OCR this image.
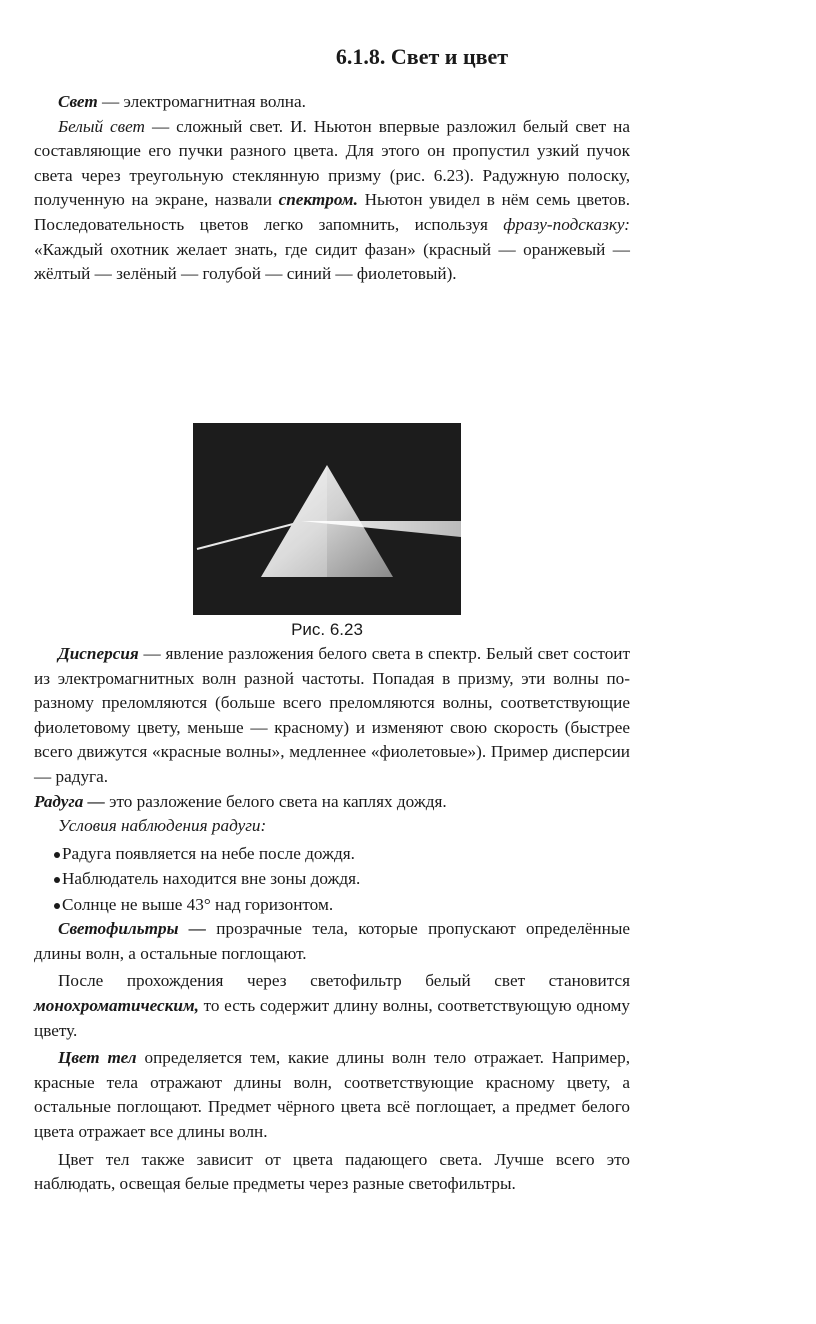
6.1.8. Свет и цвет

Свет — электромагнитная волна.

Белый свет — сложный свет. И. Ньютон впервые разложил белый свет на составляющие его пучки разного цвета. Для этого он пропустил узкий пучок света через треугольную стеклянную призму (рис. 6.23). Радужную полоску, полученную на экране, назвали спектром. Ньютон увидел в нём семь цветов. Последовательность цветов легко запомнить, используя фразу-подсказку: «Каждый охотник желает знать, где сидит фазан» (красный — оранжевый — жёлтый — зелёный — голубой — синий — фиолетовый).

Рис. 6.23

Дисперсия — явление разложения белого света в спектр. Белый свет состоит из электромагнитных волн разной частоты. Попадая в призму, эти волны по-разному преломляются (больше всего преломляются волны, соответствующие фиолетовому цвету, меньше — красному) и изменяют свою скорость (быстрее всего движутся «красные волны», медленнее «фиолетовые»). Пример дисперсии — радуга.

Радуга — это разложение белого света на каплях дождя.

Условия наблюдения радуги:

Радуга появляется на небе после дождя.
Наблюдатель находится вне зоны дождя.
Солнце не выше 43° над горизонтом.

Светофильтры — прозрачные тела, которые пропускают определённые длины волн, а остальные поглощают.

После прохождения через светофильтр белый свет становится монохроматическим, то есть содержит длину волны, соответствующую одному цвету.

Цвет тел определяется тем, какие длины волн тело отражает. Например, красные тела отражают длины волн, соответствующие красному цвету, а остальные поглощают. Предмет чёрного цвета всё поглощает, а предмет белого цвета отражает все длины волн.

Цвет тел также зависит от цвета падающего света. Лучше всего это наблюдать, освещая белые предметы через разные светофильтры.
